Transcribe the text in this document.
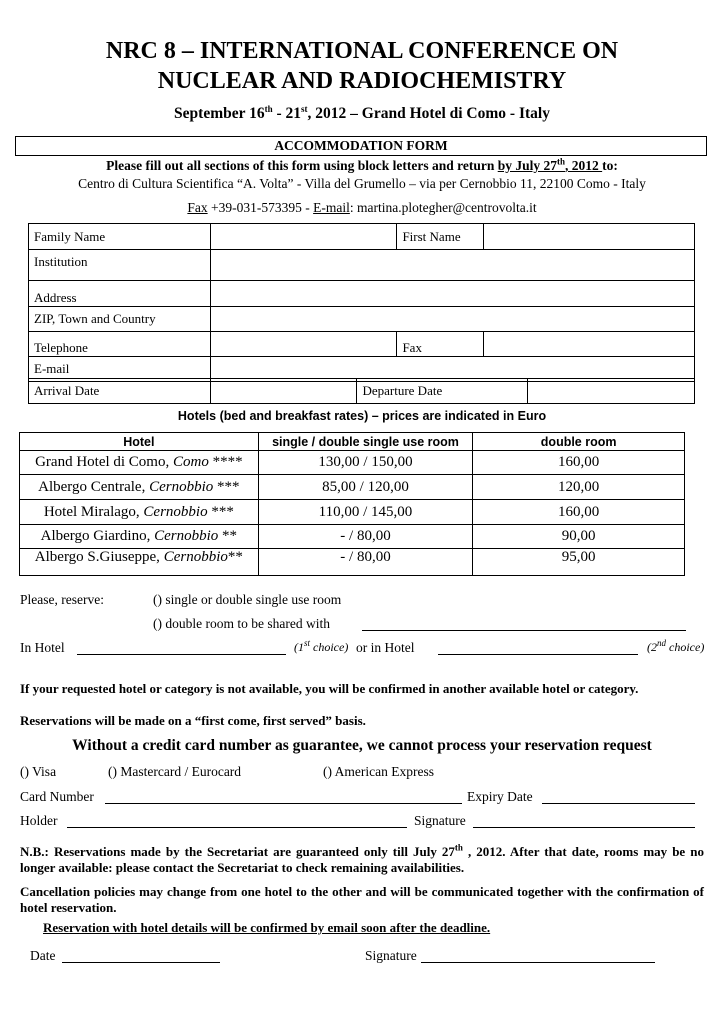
NRC 8 – INTERNATIONAL CONFERENCE ON
NUCLEAR AND RADIOCHEMISTRY
September 16th - 21st, 2012 – Grand Hotel di Como - Italy
ACCOMMODATION FORM
Please fill out all sections of this form using block letters and return by July 27th, 2012 to:
Centro di Cultura Scientifica “A. Volta” - Villa del Grumello – via per Cernobbio 11, 22100 Como - Italy
Fax +39-031-573395 - E-mail: martina.plotegher@centrovolta.it
Family Name		First Name	
Institution			
Address			
ZIP, Town and Country			
Telephone		Fax	
E-mail			
Arrival Date		Departure Date	
Hotels (bed and breakfast rates) – prices are indicated in Euro
Hotel	single / double single use room	double room
Grand Hotel di Como, Como ****	130,00 / 150,00	160,00
Albergo Centrale, Cernobbio ***	85,00 / 120,00	120,00
Hotel Miralago, Cernobbio ***	110,00 / 145,00	160,00
Albergo Giardino, Cernobbio **	- / 80,00	90,00
Albergo S.Giuseppe, Cernobbio**	- / 80,00	95,00
Please, reserve:	() single or double single use room
() double room to be shared with
In Hotel	(1st choice) or in Hotel	(2nd choice)
If your requested hotel or category is not available, you will be confirmed in another available hotel or category.
Reservations will be made on a “first come, first served” basis.
Without a credit card number as guarantee, we cannot process your reservation request
() Visa	() Mastercard / Eurocard	() American Express
Card Number	Expiry Date
Holder	Signature
N.B.: Reservations made by the Secretariat are guaranteed only till July 27th , 2012. After that date, rooms may be no longer available: please contact the Secretariat to check remaining availabilities.
Cancellation policies may change from one hotel to the other and will be communicated together with the confirmation of hotel reservation.
Reservation with hotel details will be confirmed by email soon after the deadline.
Date	Signature
